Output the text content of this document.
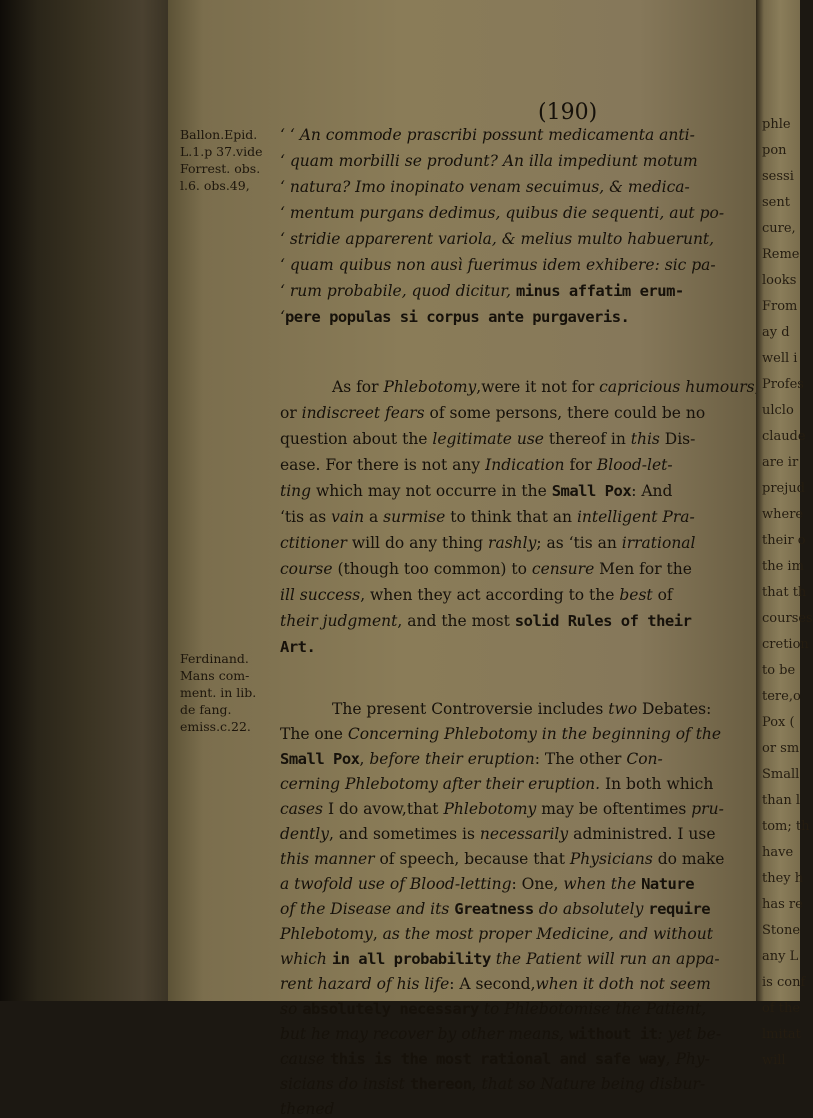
(190)
Ballon.Epid.
L.1.p 37.vide
Forrest. obs.
l.6. obs.49,
Ferdinand.
Mans com-
ment. in lib.
de fang.
emiss.c.22.
‘ ‘ An commode prascribi possunt medicamenta anti-
‘ quam morbilli se produnt? An illa impediunt motum
‘ natura? Imo inopinato venam secuimus, & medica-
‘ mentum purgans dedimus, quibus die sequenti, aut po-
‘ stridie apparerent variola, & melius multo habuerunt,
‘ quam quibus non ausì fuerimus idem exhibere: sic pa-
‘ rum probabile, quod dicitur, minus affatim erum-
‘pere populas si corpus ante purgaveris.
As for Phlebotomy,were it not for capricious humours
or indiscreet fears of some persons, there could be no
question about the legitimate use thereof in this Dis-
ease. For there is not any Indication for Blood-let-
ting which may not occurre in the Small Pox: And
‘tis as vain a surmise to think that an intelligent Pra-
ctitioner will do any thing rashly; as ‘tis an irrational
course (though too common) to censure Men for the
ill success, when they act according to the best of
their judgment, and the most solid Rules of their
Art.
The present Controversie includes two Debates:
The one Concerning Phlebotomy in the beginning of the
Small Pox, before their eruption: The other Con-
cerning Phlebotomy after their eruption. In both which
cases I do avow,that Phlebotomy may be oftentimes pru-
dently, and sometimes is necessarily administred. I use
this manner of speech, because that Physicians do make
a twofold use of Blood-letting: One, when the Nature
of the Disease and its Greatness do absolutely require
Phlebotomy, as the most proper Medicine, and without
which in all probability the Patient will run an appa-
rent hazard of his life: A second,when it doth not seem
so absolutely necessary to Phlebotomise the Patient,
but he may recover by other means, without it: yet be-
cause this is the most rational and safe way, Phy-
sicians do insist thereon, that so Nature being disbur-
thened
phle
pon
sessi
sent
cure,
Reme
looks
From
ay d
well i
Profes
ulclo
claude
are ir
prejud
where
their o
the im
that th
courses
cretion
to be
tere,o
Pox (
or sm
Small
than l
tom; th
have
they h
has re
Stone
any L
is conf
of the
lmitat
will
